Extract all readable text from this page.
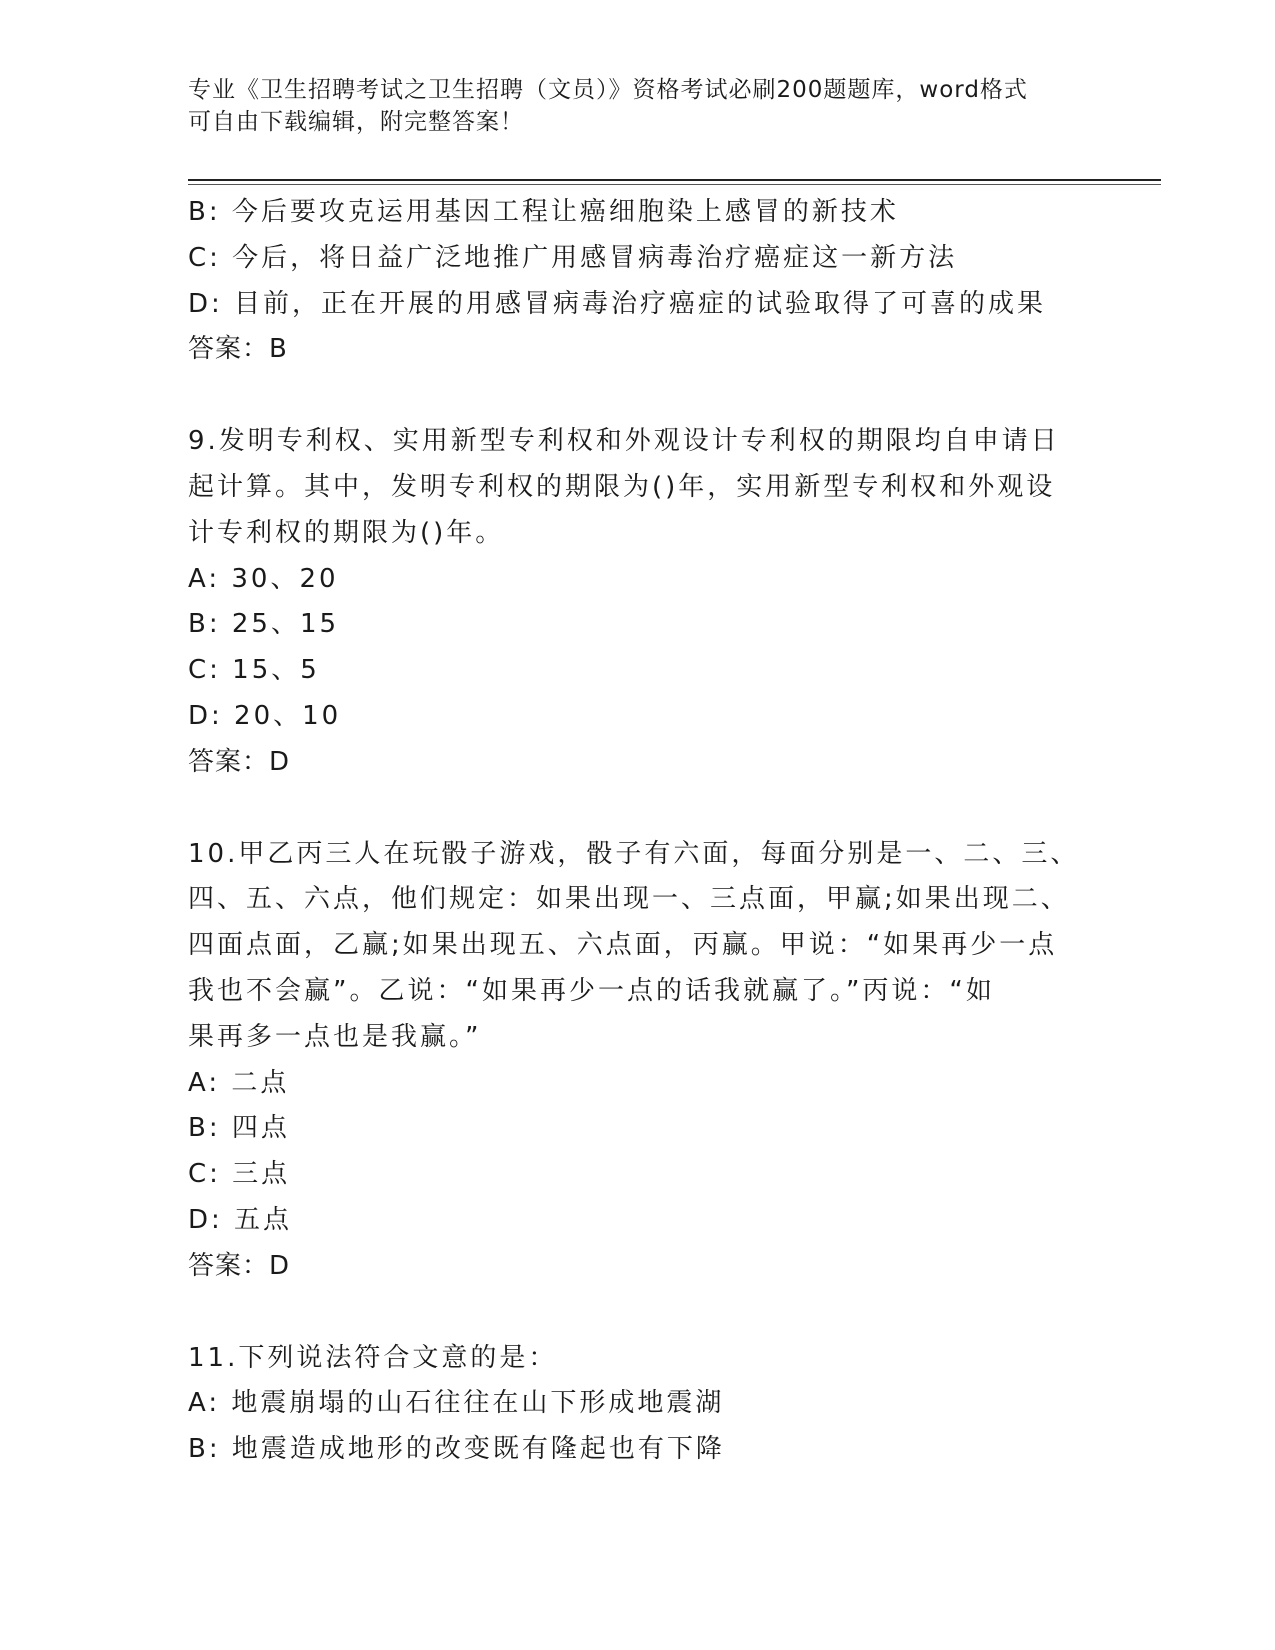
专业《卫生招聘考试之卫生招聘（文员）》资格考试必刷200题题库，word格式
可自由下载编辑，附完整答案！
B: 今后要攻克运用基因工程让癌细胞染上感冒的新技术
C: 今后，将日益广泛地推广用感冒病毒治疗癌症这一新方法
D: 目前，正在开展的用感冒病毒治疗癌症的试验取得了可喜的成果
答案：B
9.发明专利权、实用新型专利权和外观设计专利权的期限均自申请日
起计算。其中，发明专利权的期限为()年，实用新型专利权和外观设
计专利权的期限为()年。
A: 30、20
B: 25、15
C: 15、5
D: 20、10
答案：D
10.甲乙丙三人在玩骰子游戏，骰子有六面，每面分别是一、二、三、
四、五、六点，他们规定：如果出现一、三点面，甲赢;如果出现二、
四面点面，乙赢;如果出现五、六点面，丙赢。甲说：“如果再少一点
我也不会赢”。乙说：“如果再少一点的话我就赢了。”丙说：“如
果再多一点也是我赢。”
A: 二点
B: 四点
C: 三点
D: 五点
答案：D
11.下列说法符合文意的是：
A: 地震崩塌的山石往往在山下形成地震湖
B: 地震造成地形的改变既有隆起也有下降
